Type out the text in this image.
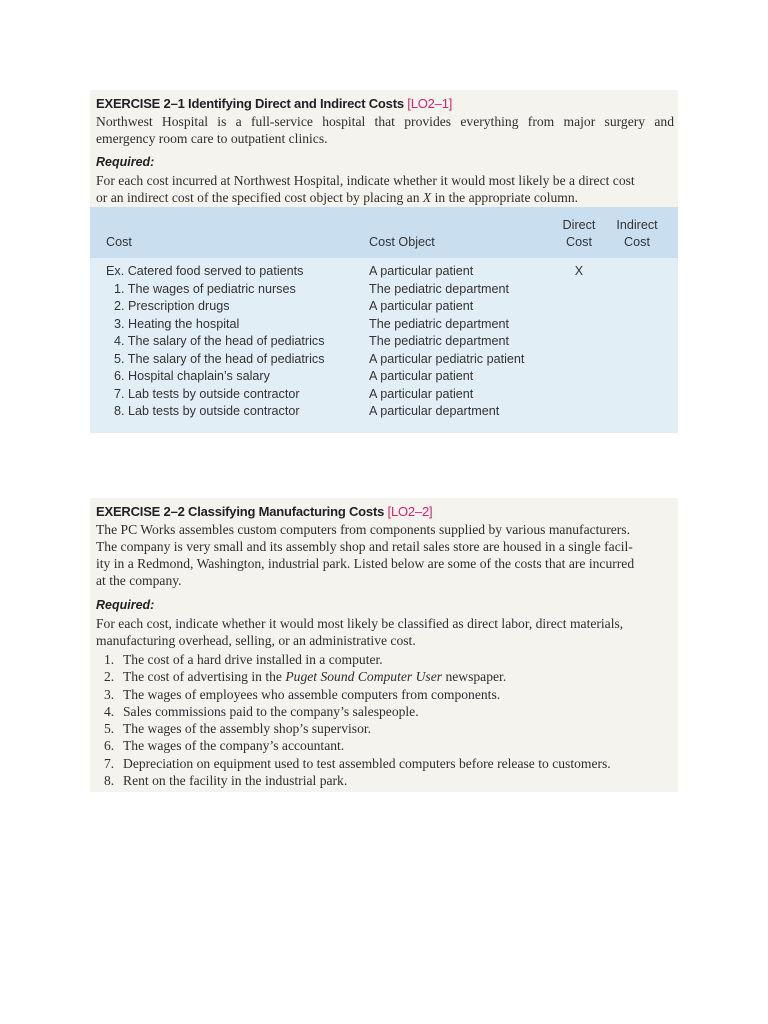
EXERCISE 2–1 Identifying Direct and Indirect Costs [LO2–1]
Northwest Hospital is a full-service hospital that provides everything from major surgery and
emergency room care to outpatient clinics.
Required:
For each cost incurred at Northwest Hospital, indicate whether it would most likely be a direct cost
or an indirect cost of the specified cost object by placing an X in the appropriate column.
Cost	Cost Object
Direct
Cost
Indirect
Cost
Ex. Catered food served to patients	A particular patient	X
1. The wages of pediatric nurses	The pediatric department
2. Prescription drugs	A particular patient
3. Heating the hospital	The pediatric department
4. The salary of the head of pediatrics	The pediatric department
5. The salary of the head of pediatrics	A particular pediatric patient
6. Hospital chaplain’s salary	A particular patient
7. Lab tests by outside contractor	A particular patient
8. Lab tests by outside contractor	A particular department
EXERCISE 2–2 Classifying Manufacturing Costs [LO2–2]
The PC Works assembles custom computers from components supplied by various manufacturers.
The company is very small and its assembly shop and retail sales store are housed in a single facil-
ity in a Redmond, Washington, industrial park. Listed below are some of the costs that are incurred
at the company.
Required:
For each cost, indicate whether it would most likely be classified as direct labor, direct materials,
manufacturing overhead, selling, or an administrative cost.
1. The cost of a hard drive installed in a computer.
2. The cost of advertising in the Puget Sound Computer User newspaper.
3. The wages of employees who assemble computers from components.
4. Sales commissions paid to the company’s salespeople.
5. The wages of the assembly shop’s supervisor.
6. The wages of the company’s accountant.
7. Depreciation on equipment used to test assembled computers before release to customers.
8. Rent on the facility in the industrial park.
